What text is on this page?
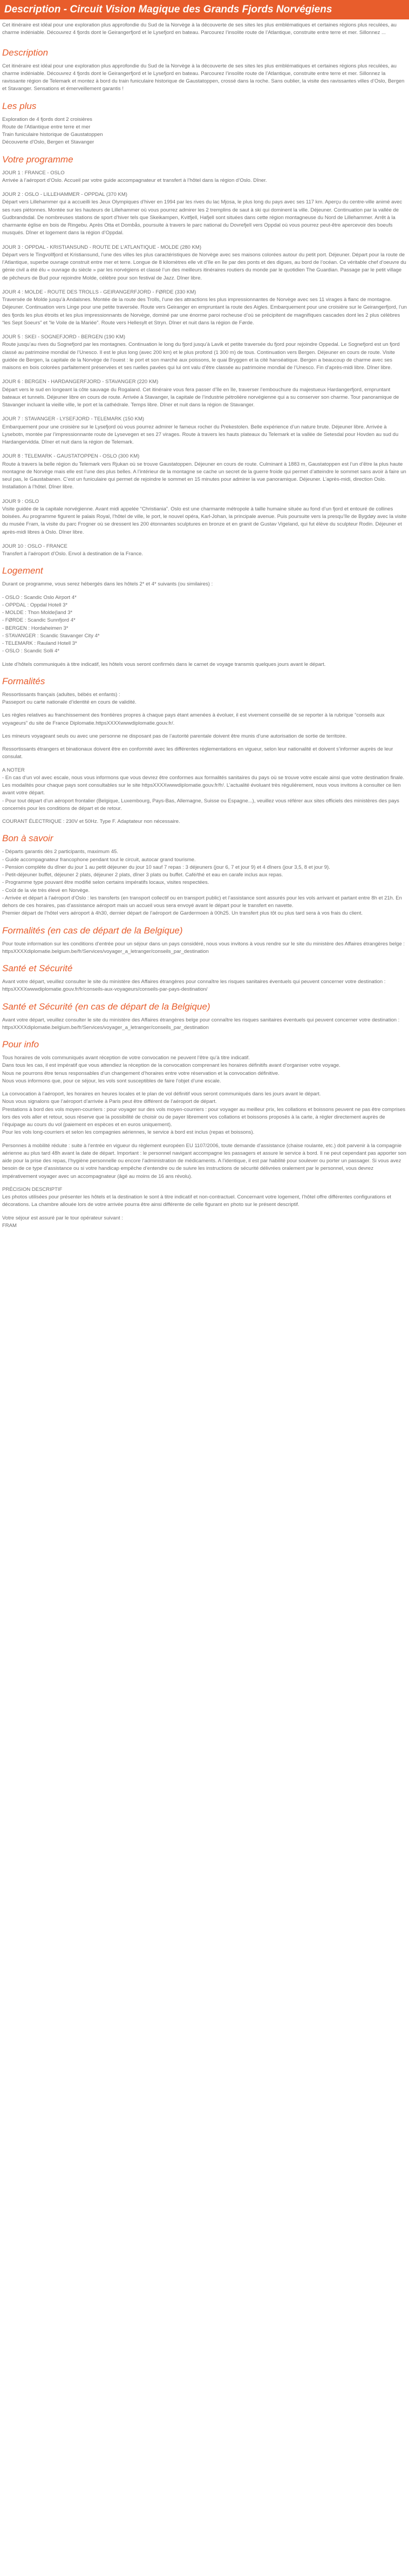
Description - Circuit Vision Magique des Grands Fjords Norvégiens
Cet itinéraire est idéal pour une exploration plus approfondie du Sud de la Norvège à la découverte de ses sites les plus emblématiques et certaines régions plus reculées, au charme indéniable. Découvrez 4 fjords dont le Geirangerfjord et le Lysefjord en bateau. Parcourez l’insolite route de l’Atlantique, construite entre terre et mer. Sillonnez ...
Description
Cet itinéraire est idéal pour une exploration plus approfondie du Sud de la Norvège à la découverte de ses sites les plus emblématiques et certaines régions plus reculées, au charme indéniable. Découvrez 4 fjords dont le Geirangerfjord et le Lysefjord en bateau. Parcourez l’insolite route de l’Atlantique, construite entre terre et mer. Sillonnez la ravissante région de Telemark et montez à bord du train funiculaire historique de Gaustatoppen, crossé dans la roche. Sans oublier, la visite des ravissantes villes d’Oslo, Bergen et Stavanger. Sensations et émerveillement garantis !
Les plus
Exploration de 4 fjords dont 2 croisières
Route de l'Atlantique entre terre et mer
Train funiculaire historique de Gaustatoppen
Découverte d'Oslo, Bergen et Stavanger
Votre programme
JOUR 1 : FRANCE - OSLO
Arrivée à l’aéroport d’Oslo. Accueil par votre guide accompagnateur et transfert à l’hôtel dans la région d’Oslo. Dîner.
JOUR 2 : OSLO - LILLEHAMMER - OPPDAL (370 KM)
Départ vers Lillehammer qui a accueilli les Jeux Olympiques d’hiver en 1994 par les rives du lac Mjosa, le plus long du pays avec ses 117 km. Aperçu du centre-ville animé avec ses rues piétonnes. Montée sur les hauteurs de Lillehammer où vous pourrez admirer les 2 tremplins de saut à ski qui dominent la ville. Déjeuner. Continuation par la vallée de Gudbrandsdal. De nombreuses stations de sport d’hiver tels que Skeikampen, Kvitfjell, Hafjell sont situées dans cette région montagneuse du Nord de Lillehammer. Arrêt à la charmante église en bois de Ringebu. Après Otta et Dombås, poursuite à travers le parc national du Dovrefjell vers Oppdal où vous pourrez peut-être apercevoir des boeufs musqués. Dîner et logement dans la région d’Oppdal.
JOUR 3 : OPPDAL - KRISTIANSUND - ROUTE DE L’ATLANTIQUE - MOLDE (280 KM)
Départ vers le Tingvollfjord et Kristiansund, l’une des villes les plus caractéristiques de Norvège avec ses maisons colorées autour du petit port. Déjeuner. Départ pour la route de l’Atlantique, superbe ouvrage construit entre mer et terre. Longue de 8 kilomètres elle vit d’île en île par des ponts et des digues, au bord de l’océan. Ce véritable chef d’oeuvre du génie civil a été élu « ouvrage du siècle » par les norvégiens et classé l’un des meilleurs itinéraires routiers du monde par le quotidien The Guardian. Passage par le petit village de pêcheurs de Bud pour rejoindre Molde, célèbre pour son festival de Jazz. Dîner libre.
JOUR 4 : MOLDE - ROUTE DES TROLLS - GEIRANGERFJORD - FØRDE (330 KM)
Traversée de Molde jusqu’à Andalsnes. Montée de la route des Trolls, l’une des attractions les plus impressionnantes de Norvège avec ses 11 virages à flanc de montagne. Déjeuner. Continuation vers Linge pour une petite traversée. Route vers Geiranger en empruntant la route des Aigles. Embarquement pour une croisière sur le Geirangerfjord, l’un des fjords les plus étroits et les plus impressionnants de Norvège, dominé par une énorme paroi rocheuse d’où se précipitent de magnifiques cascades dont les 2 plus célèbres “les Sept Soeurs” et “le Voile de la Mariée”. Route vers Hellesylt et Stryn. Dîner et nuit dans la région de Førde.
JOUR 5 : SKEI - SOGNEFJORD - BERGEN (190 KM)
Route jusqu’au rives du Sognefjord par les montagnes. Continuation le long du fjord jusqu’à Lavik et petite traversée du fjord pour rejoindre Oppedal. Le Sognefjord est un fjord classé au patrimoine mondial de l’Unesco. Il est le plus long (avec 200 km) et le plus profond (1 300 m) de tous. Continuation vers Bergen. Déjeuner en cours de route. Visite guidée de Bergen, la capitale de la Norvège de l’ouest : le port et son marché aux poissons, le quai Bryggen et la cité hanséatique. Bergen a beaucoup de charme avec ses maisons en bois colorées parfaitement préservées et ses ruelles pavées qui lui ont valu d’être classée au patrimoine mondial de l’Unesco. Fin d’après-midi libre. Dîner libre.
JOUR 6 : BERGEN - HARDANGERFJORD - STAVANGER (220 KM)
Départ vers le sud en longeant la côte sauvage du Rogaland. Cet itinéraire vous fera passer d’île en île, traverser l’embouchure du majestueux Hardangerfjord, empruntant bateaux et tunnels. Déjeuner libre en cours de route. Arrivée à Stavanger, la capitale de l’industrie pétrolière norvégienne qui a su conserver son charme. Tour panoramique de Stavanger incluant la vieille ville, le port et la cathédrale. Temps libre. Dîner et nuit dans la région de Stavanger.
JOUR 7 : STAVANGER - LYSEFJORD - TELEMARK (150 KM)
Embarquement pour une croisière sur le Lysefjord où vous pourrez admirer le fameux rocher du Prekestolen. Belle expérience d’un nature brute. Déjeuner libre. Arrivée à Lysebotn, montée par l’impressionnante route de Lysevegen et ses 27 virages. Route à travers les hauts plateaux du Telemark et la vallée de Setesdal pour Hovden au sud du Hardangervidda. Dîner et nuit dans la région de Telemark.
JOUR 8 : TELEMARK - GAUSTATOPPEN - OSLO (300 KM)
Route à travers la belle région du Telemark vers Rjukan où se trouve Gaustatoppen. Déjeuner en cours de route. Culminant à 1883 m, Gaustatoppen est l’un d’être la plus haute montagne de Norvège mais elle est l’une des plus belles. A l’intérieur de la montagne se cache un secret de la guerre froide qui permet d’atteindre le sommet sans avoir à faire un seul pas, le Gaustabanen. C’est un funiculaire qui permet de rejoindre le sommet en 15 minutes pour admirer la vue panoramique. Déjeuner. L’après-midi, direction Oslo. Installation à l’hôtel. Dîner libre.
JOUR 9 : OSLO
Visite guidée de la capitale norvégienne. Avant midi appelée “Christiania”. Oslo est une charmante métropole à taille humaine située au fond d’un fjord et entouré de collines boisées. Au programme figurent le palais Royal, l’hôtel de ville, le port, le nouvel opéra, Karl-Johan, la principale avenue. Puis poursuite vers la presqu’île de Bygdøy avec la visite du musée Fram, la visite du parc Frogner où se dressent les 200 étonnantes sculptures en bronze et en granit de Gustav Vigeland, qui fut élève du sculpteur Rodin. Déjeuner et après-midi libres à Oslo. Dîner libre.
JOUR 10 : OSLO - FRANCE
Transfert à l’aéroport d’Oslo. Envol à destination de la France.
Logement
Durant ce programme, vous serez hébergés dans les hôtels 2* et 4* suivants (ou similaires) :
- OSLO : Scandic Oslo Airport 4*
- OPPDAL : Oppdal Hotell 3*
- MOLDE : Thon Molde(land 3*
- FØRDE : Scandic Sunnfjord 4*
- BERGEN : Hordaheimen 3*
- STAVANGER : Scandic Stavanger City 4*
- TELEMARK : Rauland Hotell 3*
- OSLO : Scandic Solli 4*
Liste d’hôtels communiqués à titre indicatif, les hôtels vous seront confirmés dans le carnet de voyage transmis quelques jours avant le départ.
Formalités
Ressortissants français (adultes, bébés et enfants) :
Passeport ou carte nationale d’identité en cours de validité.
Les règles relatives au franchissement des frontières propres à chaque pays étant amenées à évoluer, il est vivement conseillé de se reporter à la rubrique “conseils aux voyageurs” du site de France Diplomatie.httpsXXXXwwwdiplomatie.gouv.fr/.
Les mineurs voyageant seuls ou avec une personne ne disposant pas de l’autorité parentale doivent être munis d’une autorisation de sortie de territoire.
Ressortissants étrangers et binationaux doivent être en conformité avec les différentes réglementations en vigueur, selon leur nationalité et doivent s’informer auprès de leur consulat.
A NOTER
- En cas d’un vol avec escale, nous vous informons que vous devrez être conformes aux formalités sanitaires du pays où se trouve votre escale ainsi que votre destination finale.
Les modalités pour chaque pays sont consultables sur le site httpsXXXXwwwdiplomatie.gouv.fr/fr/. L’actualité évoluant très régulièrement, nous vous invitons à consulter ce lien avant votre départ.
- Pour tout départ d’un aéroport frontalier (Belgique, Luxembourg, Pays-Bas, Allemagne, Suisse ou Espagne...), veuillez vous référer aux sites officiels des ministères des pays concernés pour les conditions de départ et de retour.
COURANT ÉLECTRIQUE : 230V et 50Hz. Type F. Adaptateur non nécessaire.
Bon à savoir
- Départs garantis dès 2 participants, maximum 45.
- Guide accompagnateur francophone pendant tout le circuit, autocar grand tourisme.
- Pension complète du dîner du jour 1 au petit déjeuner du jour 10 sauf 7 repas : 3 déjeuners (jour 6, 7 et jour 9) et 4 dîners (jour 3,5, 8 et jour 9).
- Petit-déjeuner buffet, déjeuner 2 plats, déjeuner 2 plats, dîner 3 plats ou buffet. Café/thé et eau en carafe inclus aux repas.
- Programme type pouvant être modifié selon certains impératifs locaux, visites respectées.
- Coût de la vie très élevé en Norvège.
- Arrivée et départ à l’aéroport d’Oslo : les transferts (en transport collectif ou en transport public) et l’assistance sont assurés pour les vols arrivant et partant entre 8h et 21h. En dehors de ces horaires, pas d’assistance aéroport mais un accueil vous sera envoyé avant le départ pour le transfert en navette.
Premier départ de l’hôtel vers aéroport à 4h30, dernier départ de l’aéroport de Gardermoen à 00h25. Un transfert plus tôt ou plus tard sera à vos frais du client.
Formalités (en cas de départ de la Belgique)
Pour toute information sur les conditions d’entrée pour un séjour dans un pays considéré, nous vous invitons à vous rendre sur le site du ministère des Affaires étrangères belge : httpsXXXXdiplomatie.belgium.be/fr/Services/voyager_a_letranger/conseils_par_destination
Santé et Sécurité
Avant votre départ, veuillez consulter le site du ministère des Affaires étrangères pour connaître les risques sanitaires éventuels qui peuvent concerner votre destination : httpsXXXXwwwdiplomatie.gouv.fr/fr/conseils-aux-voyageurs/conseils-par-pays-destination/
Santé et Sécurité (en cas de départ de la Belgique)
Avant votre départ, veuillez consulter le site du ministère des Affaires étrangères belge pour connaître les risques sanitaires éventuels qui peuvent concerner votre destination : httpsXXXXdiplomatie.belgium.be/fr/Services/voyager_a_letranger/conseils_par_destination
Pour info
Tous horaires de vols communiqués avant réception de votre convocation ne peuvent l’être qu’à titre indicatif.
Dans tous les cas, il est impératif que vous attendiez la réception de la convocation comprenant les horaires définitifs avant d’organiser votre voyage.
Nous ne pourrons être tenus responsables d’un changement d’horaires entre votre réservation et la convocation définitive.
Nous vous informons que, pour ce séjour, les vols sont susceptibles de faire l’objet d’une escale.
La convocation à l’aéroport, les horaires en heures locales et le plan de vol définitif vous seront communiqués dans les jours avant le départ.
Nous vous signalons que l’aéroport d’arrivée à Paris peut être différent de l’aéroport de départ.
Prestations à bord des vols moyen-courriers : pour voyager sur des vols moyen-courriers : pour voyager au meilleur prix, les collations et boissons peuvent ne pas être comprises lors des vols aller et retour, sous réserve que la possibilité de choisir ou de payer librement vos collations et boissons proposés à la carte, à régler directement auprès de l’équipage au cours du vol (paiement en espèces et en euros uniquement).
Pour les vols long-courriers et selon les compagnies aériennes, le service à bord est inclus (repas et boissons).
Personnes à mobilité réduite : suite à l’entrée en vigueur du règlement européen EU 1107/2006, toute demande d’assistance (chaise roulante, etc.) doit parvenir à la compagnie aérienne au plus tard 48h avant la date de départ. Important : le personnel navigant accompagne les passagers et assure le service à bord. Il ne peut cependant pas apporter son aide pour la prise des repas, l’hygiène personnelle ou encore l’administration de médicaments. A l’identique, il est par habilité pour soulever ou porter un passager. Si vous avez besoin de ce type d’assistance ou si votre handicap empêche d’entendre ou de suivre les instructions de sécurité délivrées oralement par le personnel, vous devrez impérativement voyager avec un accompagnateur (âgé au moins de 16 ans révolu).
PRÉCISION DESCRIPTIF
Les photos utilisées pour présenter les hôtels et la destination le sont à titre indicatif et non-contractuel. Concernant votre logement, l’hôtel offre différentes configurations et décorations. La chambre allouée lors de votre arrivée pourra être ainsi différente de celle figurant en photo sur le présent descriptif.
Votre séjour est assuré par le tour opérateur suivant :
FRAM
